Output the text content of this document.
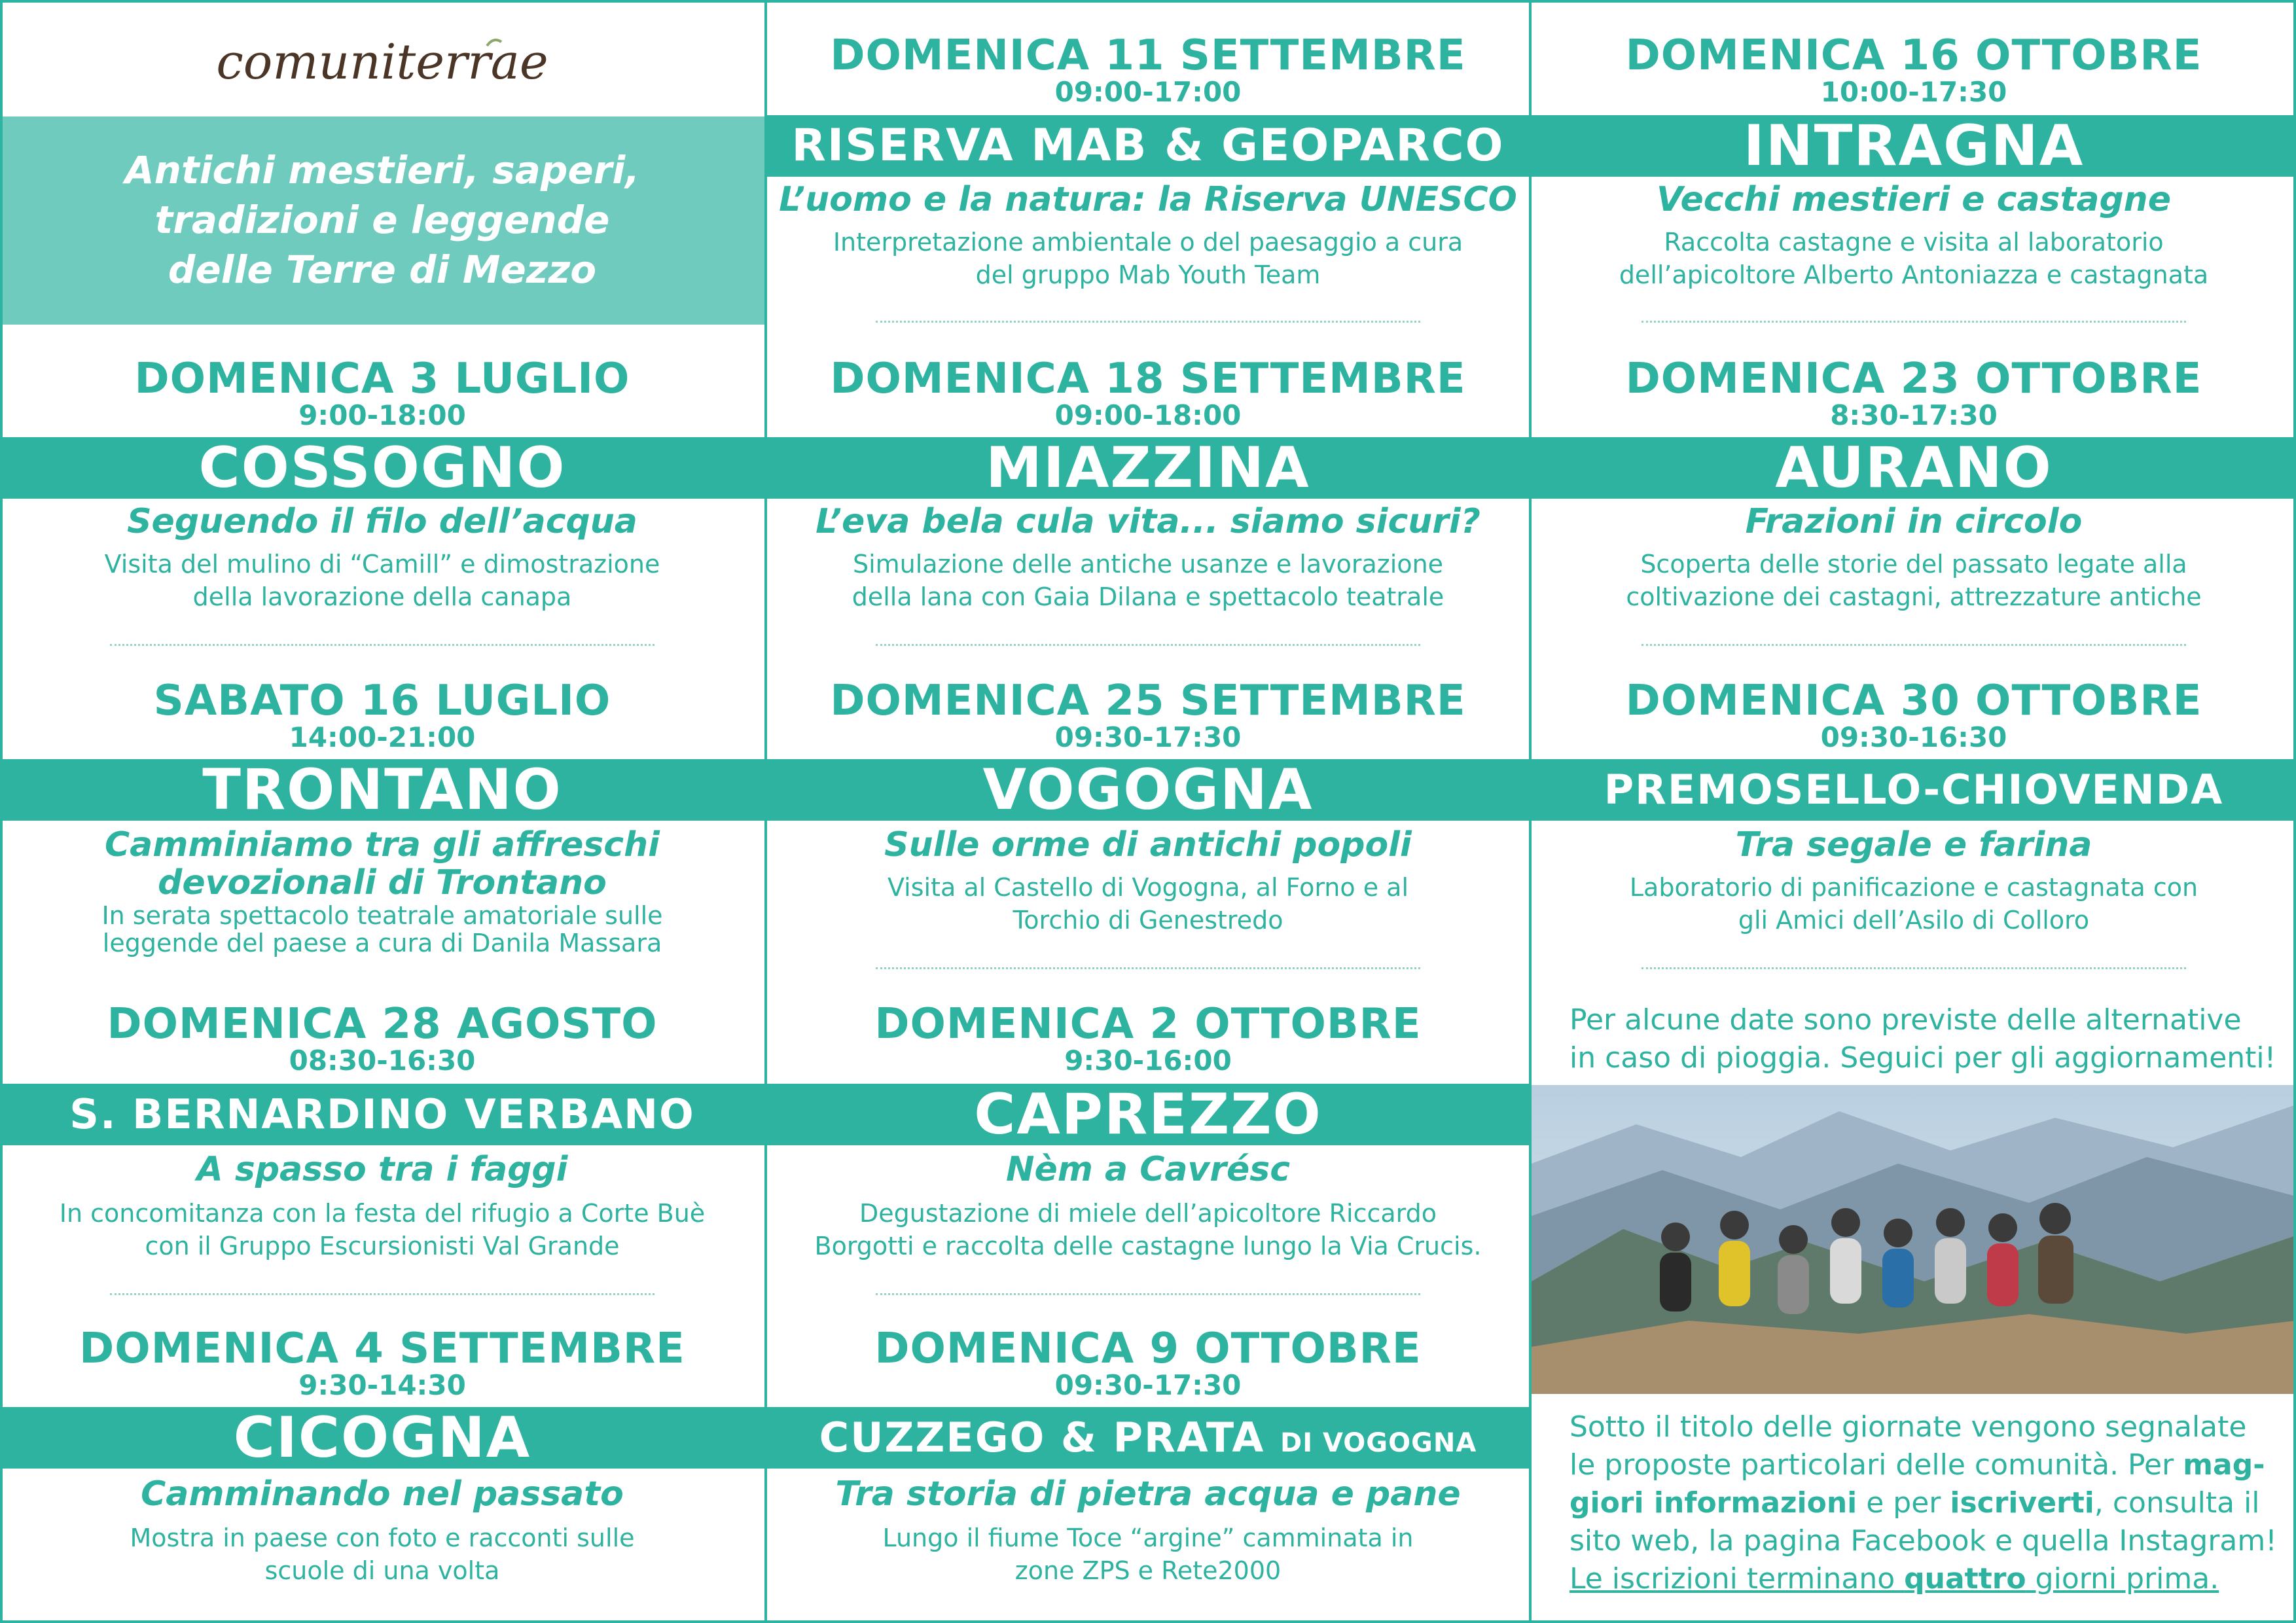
comuniterrae
Antichi mestieri, saperi,
tradizioni e leggende
delle Terre di Mezzo
DOMENICA 3 LUGLIO
9:00-18:00
COSSOGNO
Seguendo il filo dell’acqua
Visita del mulino di “Camill” e dimostrazione
della lavorazione della canapa
SABATO 16 LUGLIO
14:00-21:00
TRONTANO
Camminiamo tra gli affreschi
devozionali di Trontano
In serata spettacolo teatrale amatoriale sulle
leggende del paese a cura di Danila Massara
DOMENICA 28 AGOSTO
08:30-16:30
S. BERNARDINO VERBANO
A spasso tra i faggi
In concomitanza con la festa del rifugio a Corte Buè
con il Gruppo Escursionisti Val Grande
DOMENICA 4 SETTEMBRE
9:30-14:30
CICOGNA
Camminando nel passato
Mostra in paese con foto e racconti sulle
scuole di una volta
DOMENICA 11 SETTEMBRE
09:00-17:00
RISERVA MAB & GEOPARCO
L’uomo e la natura: la Riserva UNESCO
Interpretazione ambientale o del paesaggio a cura
del gruppo Mab Youth Team
DOMENICA 18 SETTEMBRE
09:00-18:00
MIAZZINA
L’eva bela cula vita... siamo sicuri?
Simulazione delle antiche usanze e lavorazione
della lana con Gaia Dilana e spettacolo teatrale
DOMENICA 25 SETTEMBRE
09:30-17:30
VOGOGNA
Sulle orme di antichi popoli
Visita al Castello di Vogogna, al Forno e al
Torchio di Genestredo
DOMENICA 2 OTTOBRE
9:30-16:00
CAPREZZO
Nèm a Cavrésc
Degustazione di miele dell’apicoltore Riccardo
Borgotti e raccolta delle castagne lungo la Via Crucis.
DOMENICA 9 OTTOBRE
09:30-17:30
CUZZEGO & PRATA DI VOGOGNA
Tra storia di pietra acqua e pane
Lungo il fiume Toce “argine” camminata in
zone ZPS e Rete2000
DOMENICA 16 OTTOBRE
10:00-17:30
INTRAGNA
Vecchi mestieri e castagne
Raccolta castagne e visita al laboratorio
dell’apicoltore Alberto Antoniazza e castagnata
DOMENICA 23 OTTOBRE
8:30-17:30
AURANO
Frazioni in circolo
Scoperta delle storie del passato legate alla
coltivazione dei castagni, attrezzature antiche
DOMENICA 30 OTTOBRE
09:30-16:30
PREMOSELLO-CHIOVENDA
Tra segale e farina
Laboratorio di panificazione e castagnata con
gli Amici dell’Asilo di Colloro
Per alcune date sono previste delle alternative
in caso di pioggia. Seguici per gli aggiornamenti!
Sotto il titolo delle giornate vengono segnalate
le proposte particolari delle comunità. Per mag-
giori informazioni e per iscriverti, consulta il
sito web, la pagina Facebook e quella Instagram!
Le iscrizioni terminano quattro giorni prima.
